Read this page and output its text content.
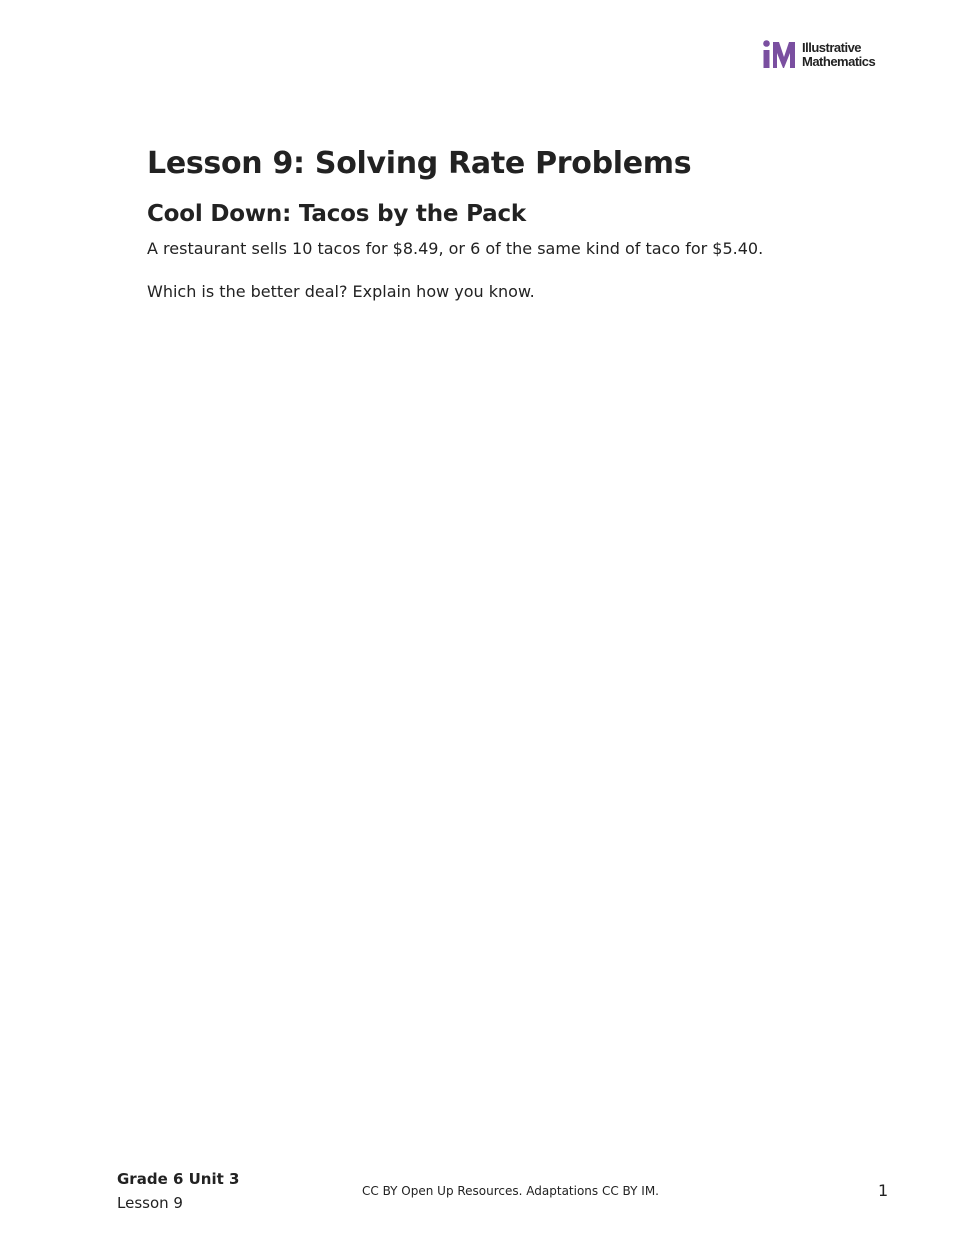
Illustrative
Mathematics
Lesson 9: Solving Rate Problems
Cool Down: Tacos by the Pack

A restaurant sells 10 tacos for $8.49, or 6 of the same kind of taco for $5.40.

Which is the better deal? Explain how you know.

Grade 6 Unit 3
Lesson 9
CC BY Open Up Resources. Adaptations CC BY IM.	1
